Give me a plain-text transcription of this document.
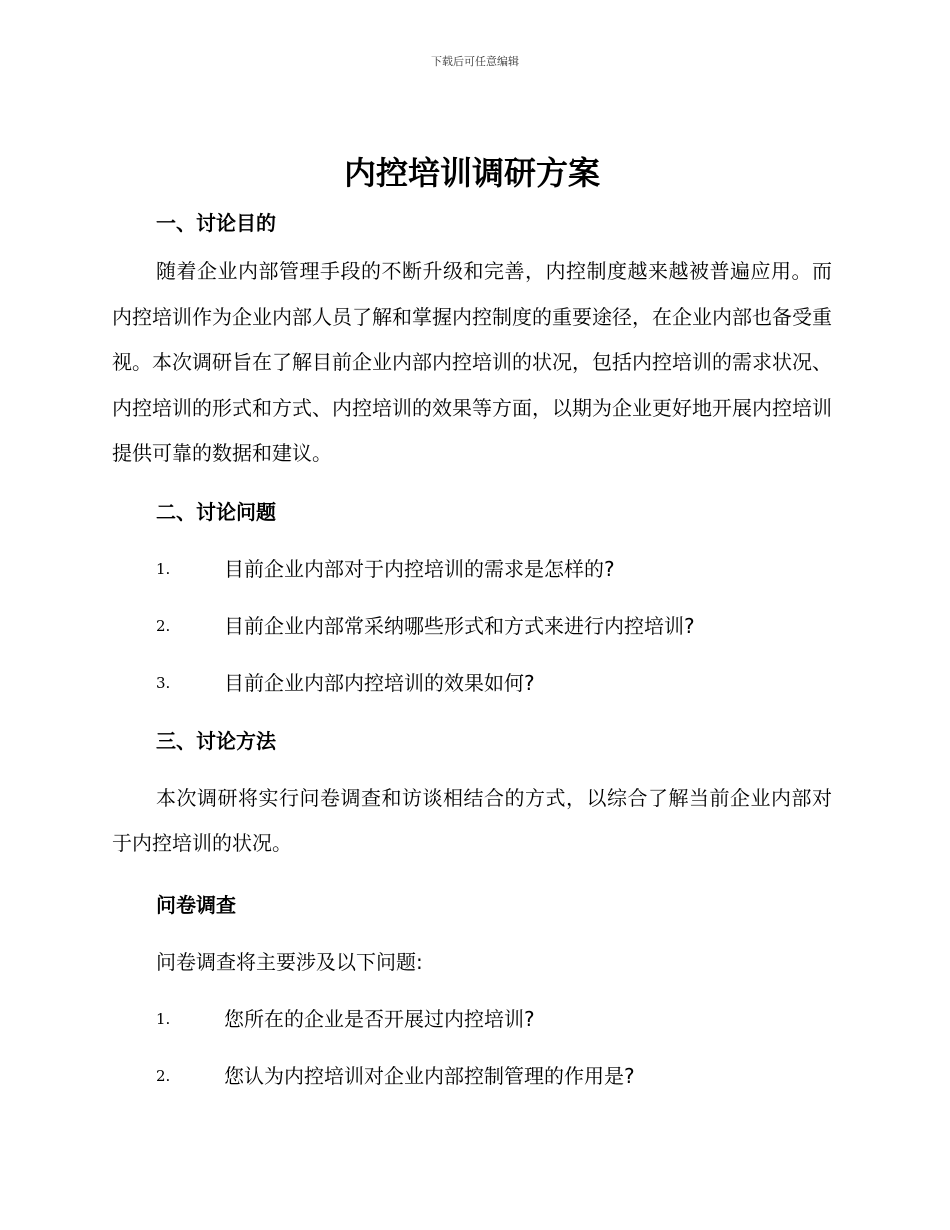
下载后可任意编辑
内控培训调研方案
一、讨论目的

随着企业内部管理手段的不断升级和完善，内控制度越来越被普遍应用。而内控培训作为企业内部人员了解和掌握内控制度的重要途径，在企业内部也备受重视。本次调研旨在了解目前企业内部内控培训的状况，包括内控培训的需求状况、内控培训的形式和方式、内控培训的效果等方面，以期为企业更好地开展内控培训提供可靠的数据和建议。

二、讨论问题
1.	目前企业内部对于内控培训的需求是怎样的?
2.	目前企业内部常采纳哪些形式和方式来进行内控培训?
3.	目前企业内部内控培训的效果如何?
三、讨论方法

本次调研将实行问卷调查和访谈相结合的方式，以综合了解当前企业内部对于内控培训的状况。

问卷调查

问卷调查将主要涉及以下问题:

1.	您所在的企业是否开展过内控培训?
2.	您认为内控培训对企业内部控制管理的作用是?
